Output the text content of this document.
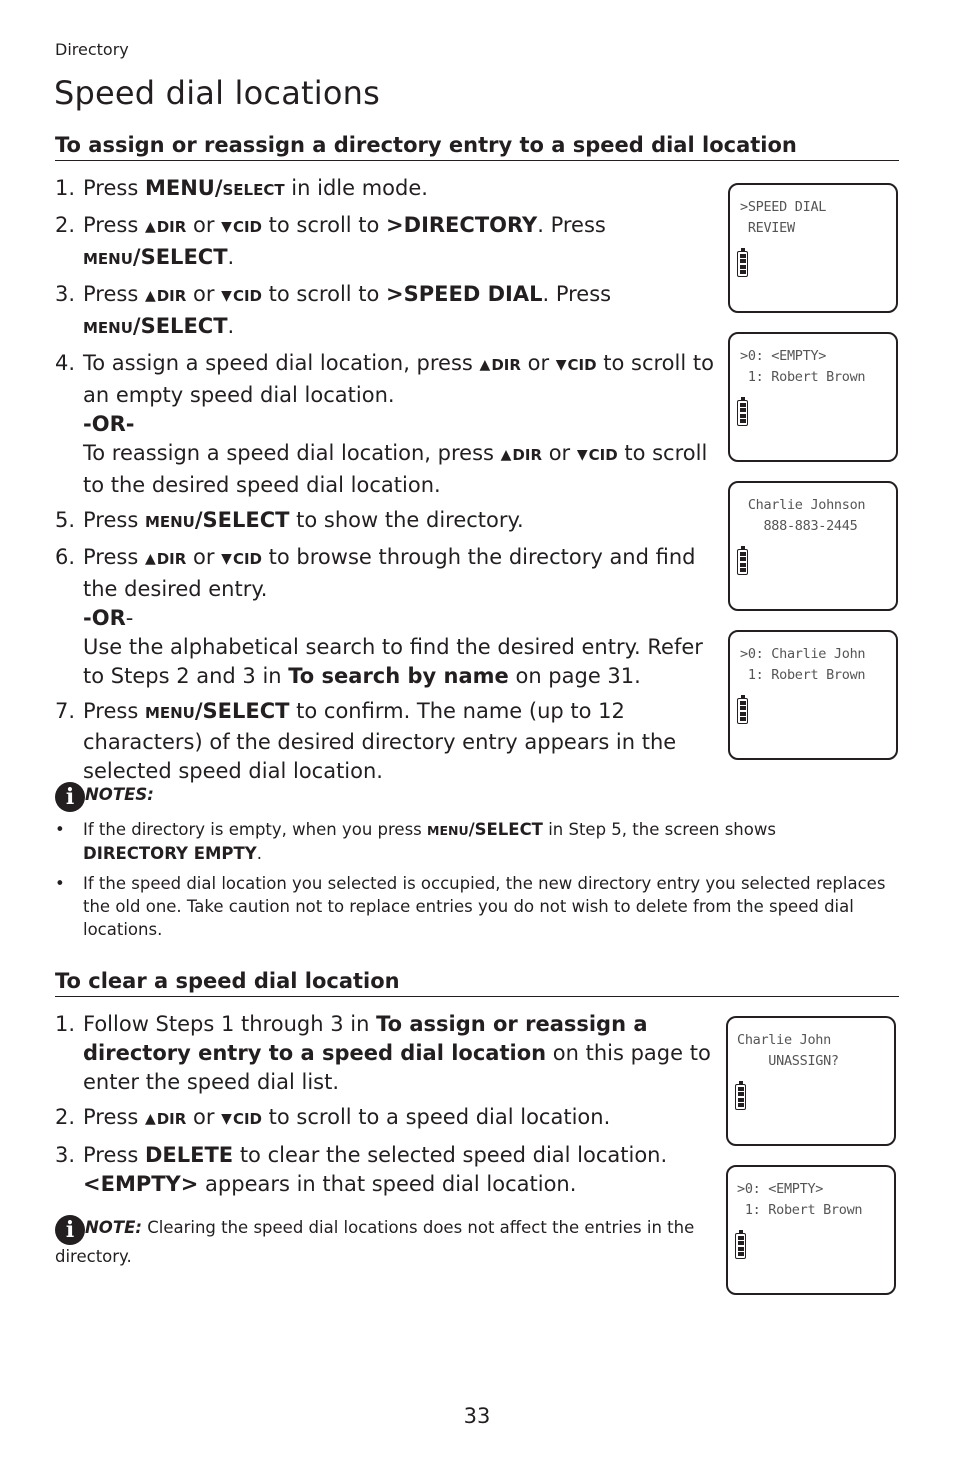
Directory
Speed dial locations
To assign or reassign a directory entry to a speed dial location
1. Press MENU/SELECT in idle mode.
2. Press ▲DIR or ▼CID to scroll to >DIRECTORY. Press MENU/SELECT.
3. Press ▲DIR or ▼CID to scroll to >SPEED DIAL. Press MENU/SELECT.
4. To assign a speed dial location, press ▲DIR or ▼CID to scroll to an empty speed dial location.
-OR-
To reassign a speed dial location, press ▲DIR or ▼CID to scroll to the desired speed dial location.
5. Press MENU/SELECT to show the directory.
6. Press ▲DIR or ▼CID to browse through the directory and find the desired entry.
-OR-
Use the alphabetical search to find the desired entry. Refer to Steps 2 and 3 in To search by name on page 31.
7. Press MENU/SELECT to confirm. The name (up to 12 characters) of the desired directory entry appears in the selected speed dial location.
i NOTES:
• If the directory is empty, when you press MENU/SELECT in Step 5, the screen shows
DIRECTORY EMPTY.
• If the speed dial location you selected is occupied, the new directory entry you selected replaces the old one. Take caution not to replace entries you do not wish to delete from the speed dial locations.
To clear a speed dial location
1. Follow Steps 1 through 3 in To assign or reassign a directory entry to a speed dial location on this page to enter the speed dial list.
2. Press ▲DIR or ▼CID to scroll to a speed dial location.
3. Press DELETE to clear the selected speed dial location.
<EMPTY> appears in that speed dial location.
i NOTE: Clearing the speed dial locations does not affect the entries in the directory.
>SPEED DIAL
REVIEW
>0: <EMPTY>
1: Robert Brown
Charlie Johnson
888-883-2445
>0: Charlie John
1: Robert Brown
Charlie John
UNASSIGN?
>0: <EMPTY>
1: Robert Brown
33
